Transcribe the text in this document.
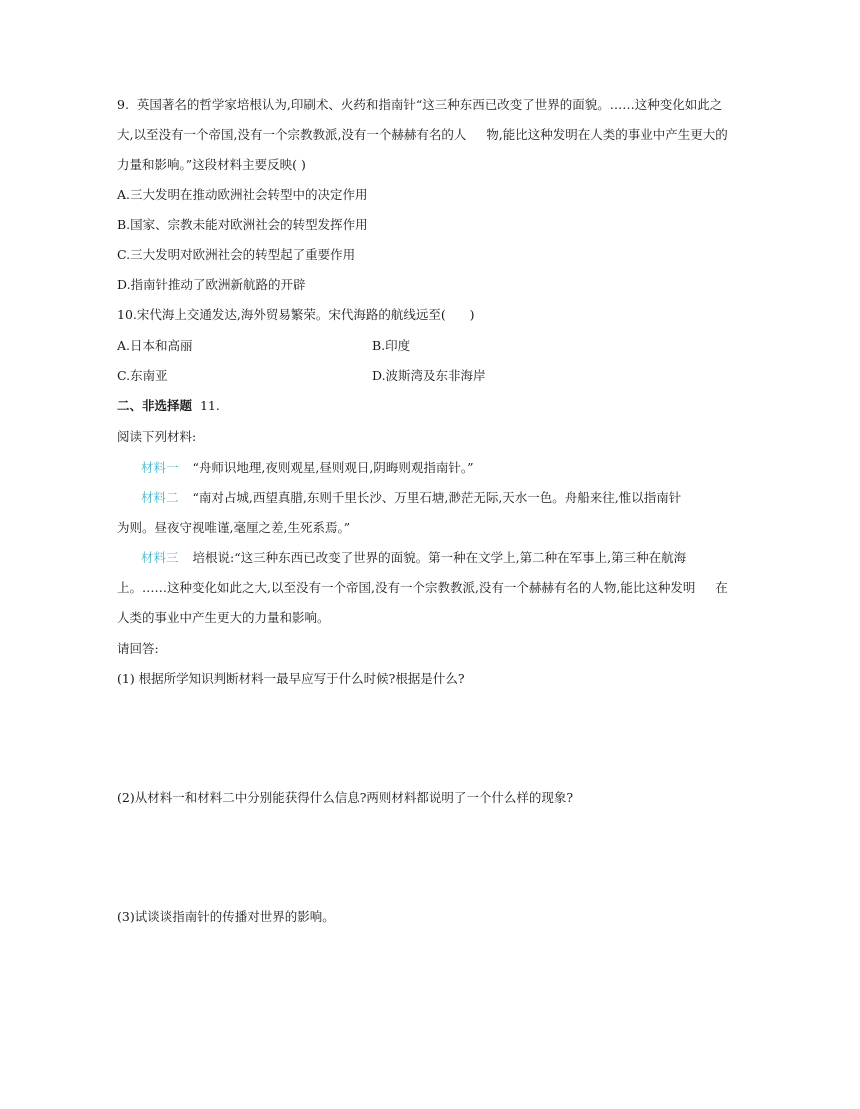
9.  英国著名的哲学家培根认为,印刷术、火药和指南针“这三种东西已改变了世界的面貌。……这种变化如此之
大,以至没有一个帝国,没有一个宗教教派,没有一个赫赫有名的人     物,能比这种发明在人类的事业中产生更大的
力量和影响。”这段材料主要反映( )
A.三大发明在推动欧洲社会转型中的决定作用
B.国家、宗教未能对欧洲社会的转型发挥作用
C.三大发明对欧洲社会的转型起了重要作用
D.指南针推动了欧洲新航路的开辟
10.宋代海上交通发达,海外贸易繁荣。宋代海路的航线远至(      )
A.日本和高丽	B.印度
C.东南亚	D.波斯湾及东非海岸
二、非选择题  11.
阅读下列材料:
材料一 “舟师识地理,夜则观星,昼则观日,阴晦则观指南针。”
材料二 “南对占城,西望真腊,东则千里长沙、万里石塘,渺茫无际,天水一色。舟船来往,惟以指南针
为则。昼夜守视唯谨,毫厘之差,生死系焉。”
材料三 培根说:“这三种东西已改变了世界的面貌。第一种在文学上,第二种在军事上,第三种在航海
上。……这种变化如此之大,以至没有一个帝国,没有一个宗教教派,没有一个赫赫有名的人物,能比这种发明     在
人类的事业中产生更大的力量和影响。
请回答:
(1) 根据所学知识判断材料一最早应写于什么时候?根据是什么?
(2)从材料一和材料二中分别能获得什么信息?两则材料都说明了一个什么样的现象?
(3)试谈谈指南针的传播对世界的影响。
